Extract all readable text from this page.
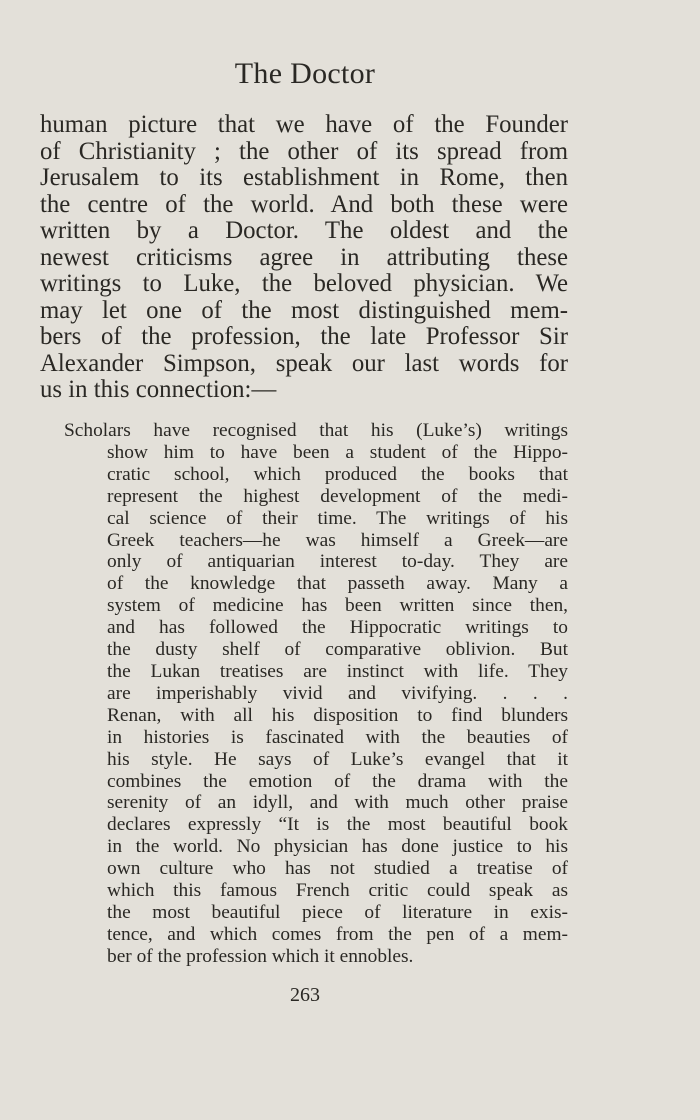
The Doctor

human picture that we have of the Founder
of Christianity ; the other of its spread from
Jerusalem to its establishment in Rome, then
the centre of the world. And both these were
written by a Doctor. The oldest and the
newest criticisms agree in attributing these
writings to Luke, the beloved physician. We
may let one of the most distinguished mem-
bers of the profession, the late Professor Sir
Alexander Simpson, speak our last words for
us in this connection:—

Scholars have recognised that his (Luke’s) writings
show him to have been a student of the Hippo-
cratic school, which produced the books that
represent the highest development of the medi-
cal science of their time. The writings of his
Greek teachers—he was himself a Greek—are
only of antiquarian interest to-day. They are
of the knowledge that passeth away. Many a
system of medicine has been written since then,
and has followed the Hippocratic writings to
the dusty shelf of comparative oblivion. But
the Lukan treatises are instinct with life. They
are imperishably vivid and vivifying. . . .
Renan, with all his disposition to find blunders
in histories is fascinated with the beauties of
his style. He says of Luke’s evangel that it
combines the emotion of the drama with the
serenity of an idyll, and with much other praise
declares expressly “It is the most beautiful book
in the world. No physician has done justice to his
own culture who has not studied a treatise of
which this famous French critic could speak as
the most beautiful piece of literature in exis-
tence, and which comes from the pen of a mem-
ber of the profession which it ennobles.

263
